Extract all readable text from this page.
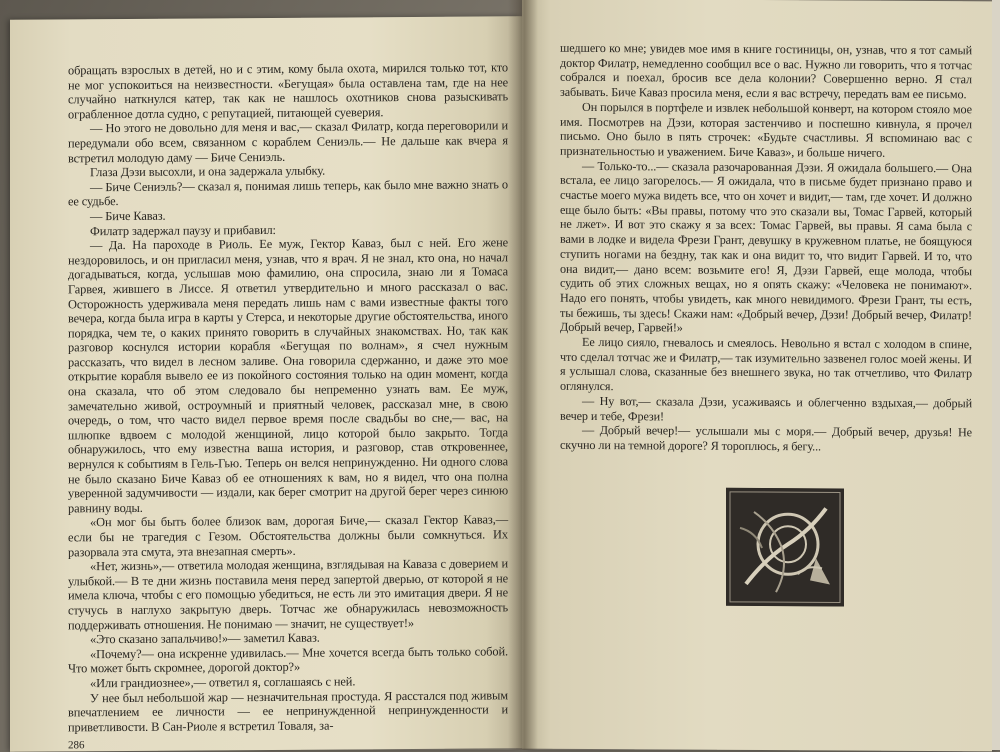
обращать взрослых в детей, но и с этим, кому была охота, мирился только тот, кто не мог успокоиться на неизвестности. «Бегущая» была оставлена там, где на нее случайно наткнулся катер, так как не нашлось охотников снова разыскивать ограбленное дотла судно, с репутацией, питающей суеверия.

— Но этого не довольно для меня и вас,— сказал Филатр, когда переговорили и передумали обо всем, связанном с кораблем Сениэль.— Не дальше как вчера я встретил молодую даму — Биче Сениэль.

Глаза Дэзи высохли, и она задержала улыбку.

— Биче Сениэль?— сказал я, понимая лишь теперь, как было мне важно знать о ее судьбе.

— Биче Каваз.

Филатр задержал паузу и прибавил:

— Да. На пароходе в Риоль. Ее муж, Гектор Каваз, был с ней. Его жене нездоровилось, и он пригласил меня, узнав, что я врач. Я не знал, кто она, но начал догадываться, когда, услышав мою фамилию, она спросила, знаю ли я Томаса Гарвея, жившего в Лиссе. Я ответил утвердительно и много рассказал о вас. Осторожность удерживала меня передать лишь нам с вами известные факты того вечера, когда была игра в карты у Стерса, и некоторые другие обстоятельства, иного порядка, чем те, о каких принято говорить в случайных знакомствах. Но, так как разговор коснулся истории корабля «Бегущая по волнам», я счел нужным рассказать, что видел в лесном заливе. Она говорила сдержанно, и даже это мое открытие корабля вывело ее из покойного состояния только на один момент, когда она сказала, что об этом следовало бы непременно узнать вам. Ее муж, замечательно живой, остроумный и приятный человек, рассказал мне, в свою очередь, о том, что часто видел первое время после свадьбы во сне,— вас, на шлюпке вдвоем с молодой женщиной, лицо которой было закрыто. Тогда обнаружилось, что ему известна ваша история, и разговор, став откровеннее, вернулся к событиям в Гель-Гью. Теперь он велся непринужденно. Ни одного слова не было сказано Биче Каваз об ее отношениях к вам, но я видел, что она полна уверенной задумчивости — издали, как берег смотрит на другой берег через синюю равнину воды.

«Он мог бы быть более близок вам, дорогая Биче,— сказал Гектор Каваз,— если бы не трагедия с Гезом. Обстоятельства должны были сомкнуться. Их разорвала эта смута, эта внезапная смерть».

«Нет, жизнь»,— ответила молодая женщина, взглядывая на Каваза с доверием и улыбкой.— В те дни жизнь поставила меня перед запертой дверью, от которой я не имела ключа, чтобы с его помощью убедиться, не есть ли это имитация двери. Я не стучусь в наглухо закрытую дверь. Тотчас же обнаружилась невозможность поддерживать отношения. Не понимаю — значит, не существует!»

«Это сказано запальчиво!»— заметил Каваз.

«Почему?— она искренне удивилась.— Мне хочется всегда быть только собой. Что может быть скромнее, дорогой доктор?»

«Или грандиознее»,— ответил я, соглашаясь с ней.

У нее был небольшой жар — незначительная простуда. Я расстался под живым впечатлением ее личности — ее непринужденной непринужденности и приветливости. В Сан-Риоле я встретил Товаля, за-

286

шедшего ко мне; увидев мое имя в книге гостиницы, он, узнав, что я тот самый доктор Филатр, немедленно сообщил все о вас. Нужно ли говорить, что я тотчас собрался и поехал, бросив все дела колонии? Совершенно верно. Я стал забывать. Биче Каваз просила меня, если я вас встречу, передать вам ее письмо.

Он порылся в портфеле и извлек небольшой конверт, на котором стояло мое имя. Посмотрев на Дэзи, которая застенчиво и поспешно кивнула, я прочел письмо. Оно было в пять строчек: «Будьте счастливы. Я вспоминаю вас с признательностью и уважением. Биче Каваз», и больше ничего.

— Только-то...— сказала разочарованная Дэзи. Я ожидала большего.— Она встала, ее лицо загорелось.— Я ожидала, что в письме будет признано право и счастье моего мужа видеть все, что он хочет и видит,— там, где хочет. И должно еще было быть: «Вы правы, потому что это сказали вы, Томас Гарвей, который не лжет». И вот это скажу я за всех: Томас Гарвей, вы правы. Я сама была с вами в лодке и видела Фрези Грант, девушку в кружевном платье, не боящуюся ступить ногами на бездну, так как и она видит то, что видит Гарвей. И то, что она видит,— дано всем: возьмите его! Я, Дэзи Гарвей, еще молода, чтобы судить об этих сложных вещах, но я опять скажу: «Человека не понимают». Надо его понять, чтобы увидеть, как много невидимого. Фрези Грант, ты есть, ты бежишь, ты здесь! Скажи нам: «Добрый вечер, Дэзи! Добрый вечер, Филатр! Добрый вечер, Гарвей!»

Ее лицо сияло, гневалось и смеялось. Невольно я встал с холодом в спине, что сделал тотчас же и Филатр,— так изумительно зазвенел голос моей жены. И я услышал слова, сказанные без внешнего звука, но так отчетливо, что Филатр оглянулся.

— Ну вот,— сказала Дэзи, усаживаясь и облегченно вздыхая,— добрый вечер и тебе, Фрези!

— Добрый вечер!— услышали мы с моря.— Добрый вечер, друзья! Не скучно ли на темной дороге? Я тороплюсь, я бегу...
